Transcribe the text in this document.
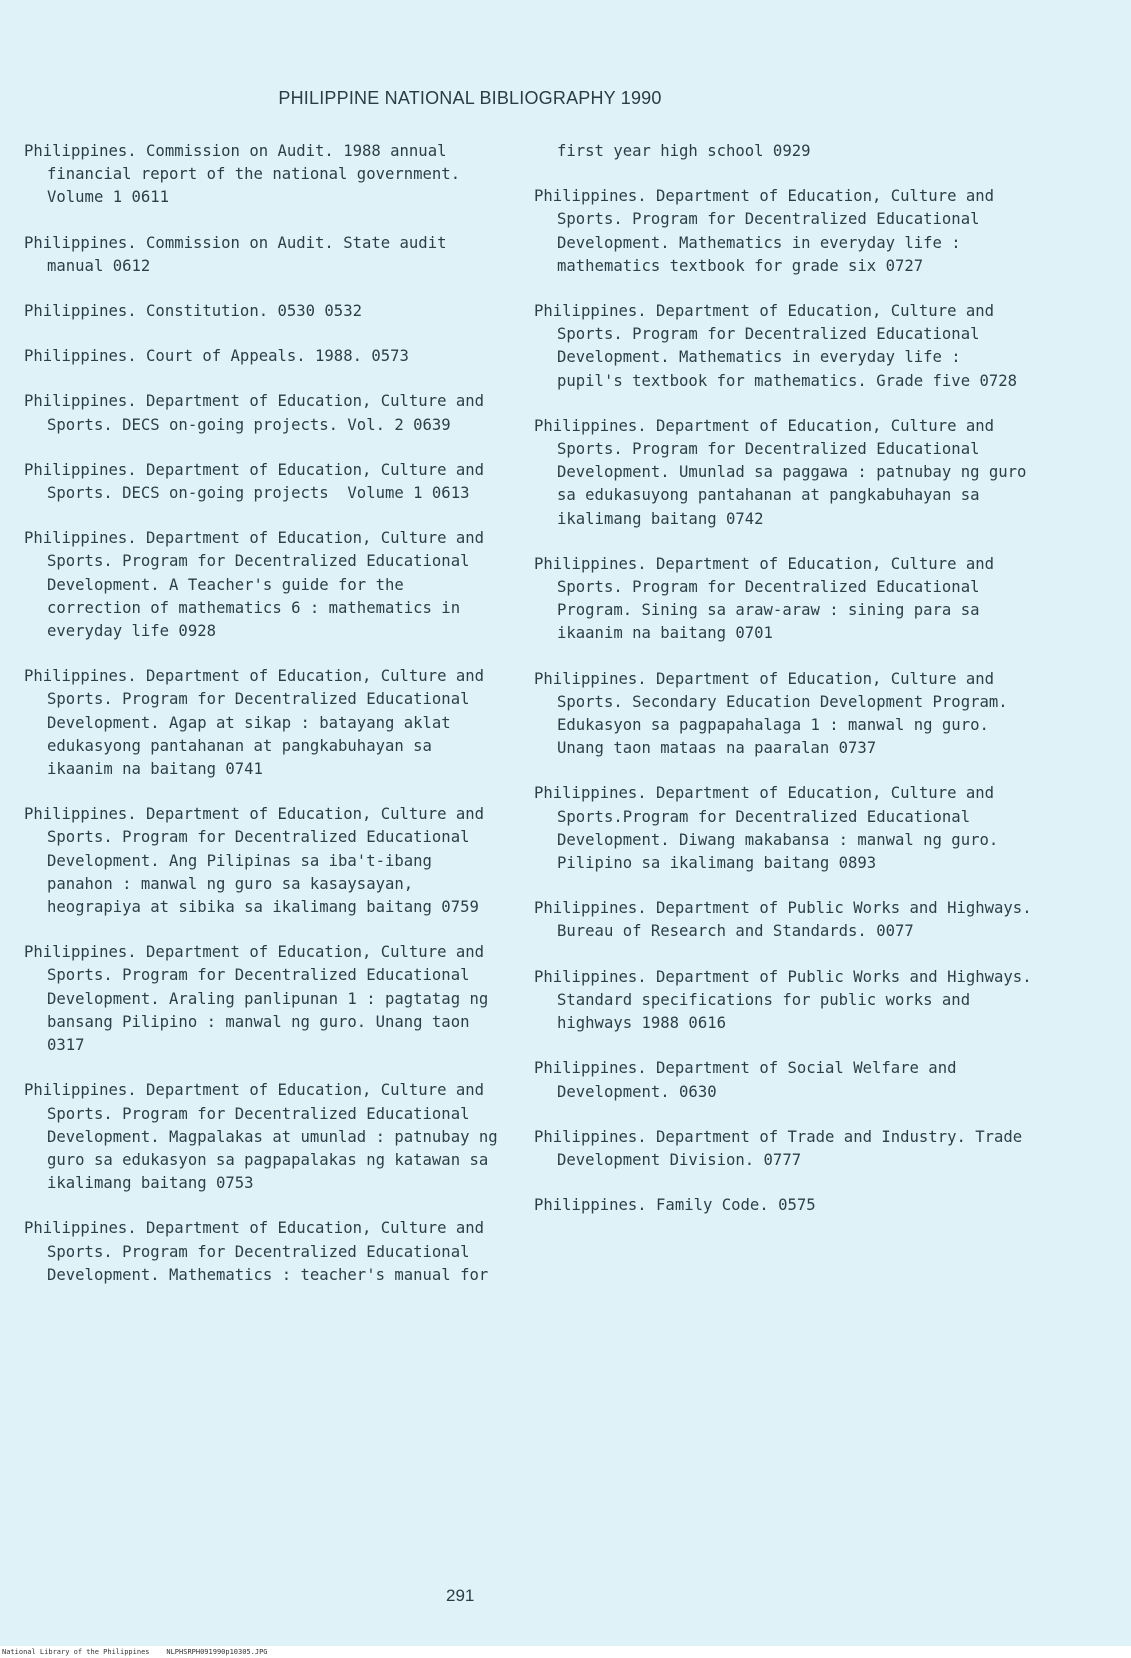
PHILIPPINE NATIONAL BIBLIOGRAPHY 1990
Philippines. Commission on Audit. 1988 annual financial report of the national government. Volume 1 0611
Philippines. Commission on Audit. State audit manual 0612
Philippines. Constitution. 0530 0532
Philippines. Court of Appeals. 1988. 0573
Philippines. Department of Education, Culture and Sports. DECS on-going projects. Vol. 2 0639
Philippines. Department of Education, Culture and Sports. DECS on-going projects  Volume 1 0613
Philippines. Department of Education, Culture and Sports. Program for Decentralized Educational Development. A Teacher's guide for the correction of mathematics 6 : mathematics in everyday life 0928
Philippines. Department of Education, Culture and Sports. Program for Decentralized Educational Development. Agap at sikap : batayang aklat edukasyong pantahanan at pangkabuhayan sa ikaanim na baitang 0741
Philippines. Department of Education, Culture and Sports. Program for Decentralized Educational Development. Ang Pilipinas sa iba't-ibang panahon : manwal ng guro sa kasaysayan, heograpiya at sibika sa ikalimang baitang 0759
Philippines. Department of Education, Culture and Sports. Program for Decentralized Educational Development. Araling panlipunan 1 : pagtatag ng bansang Pilipino : manwal ng guro. Unang taon 0317
Philippines. Department of Education, Culture and Sports. Program for Decentralized Educational Development. Magpalakas at umunlad : patnubay ng guro sa edukasyon sa pagpapalakas ng katawan sa ikalimang baitang 0753
Philippines. Department of Education, Culture and Sports. Program for Decentralized Educational Development. Mathematics : teacher's manual for
first year high school 0929
Philippines. Department of Education, Culture and Sports. Program for Decentralized Educational Development. Mathematics in everyday life : mathematics textbook for grade six 0727
Philippines. Department of Education, Culture and Sports. Program for Decentralized Educational Development. Mathematics in everyday life : pupil's textbook for mathematics. Grade five 0728
Philippines. Department of Education, Culture and Sports. Program for Decentralized Educational Development. Umunlad sa paggawa : patnubay ng guro sa edukasuyong pantahanan at pangkabuhayan sa ikalimang baitang 0742
Philippines. Department of Education, Culture and Sports. Program for Decentralized Educational Program. Sining sa araw-araw : sining para sa ikaanim na baitang 0701
Philippines. Department of Education, Culture and Sports. Secondary Education Development Program. Edukasyon sa pagpapahalaga 1 : manwal ng guro. Unang taon mataas na paaralan 0737
Philippines. Department of Education, Culture and Sports.Program for Decentralized Educational Development. Diwang makabansa : manwal ng guro. Pilipino sa ikalimang baitang 0893
Philippines. Department of Public Works and Highways. Bureau of Research and Standards. 0077
Philippines. Department of Public Works and Highways. Standard specifications for public works and highways 1988 0616
Philippines. Department of Social Welfare and Development. 0630
Philippines. Department of Trade and Industry. Trade Development Division. 0777
Philippines. Family Code. 0575
291
National Library of the Philippines NLPHSRPH091990p10305.JPG
